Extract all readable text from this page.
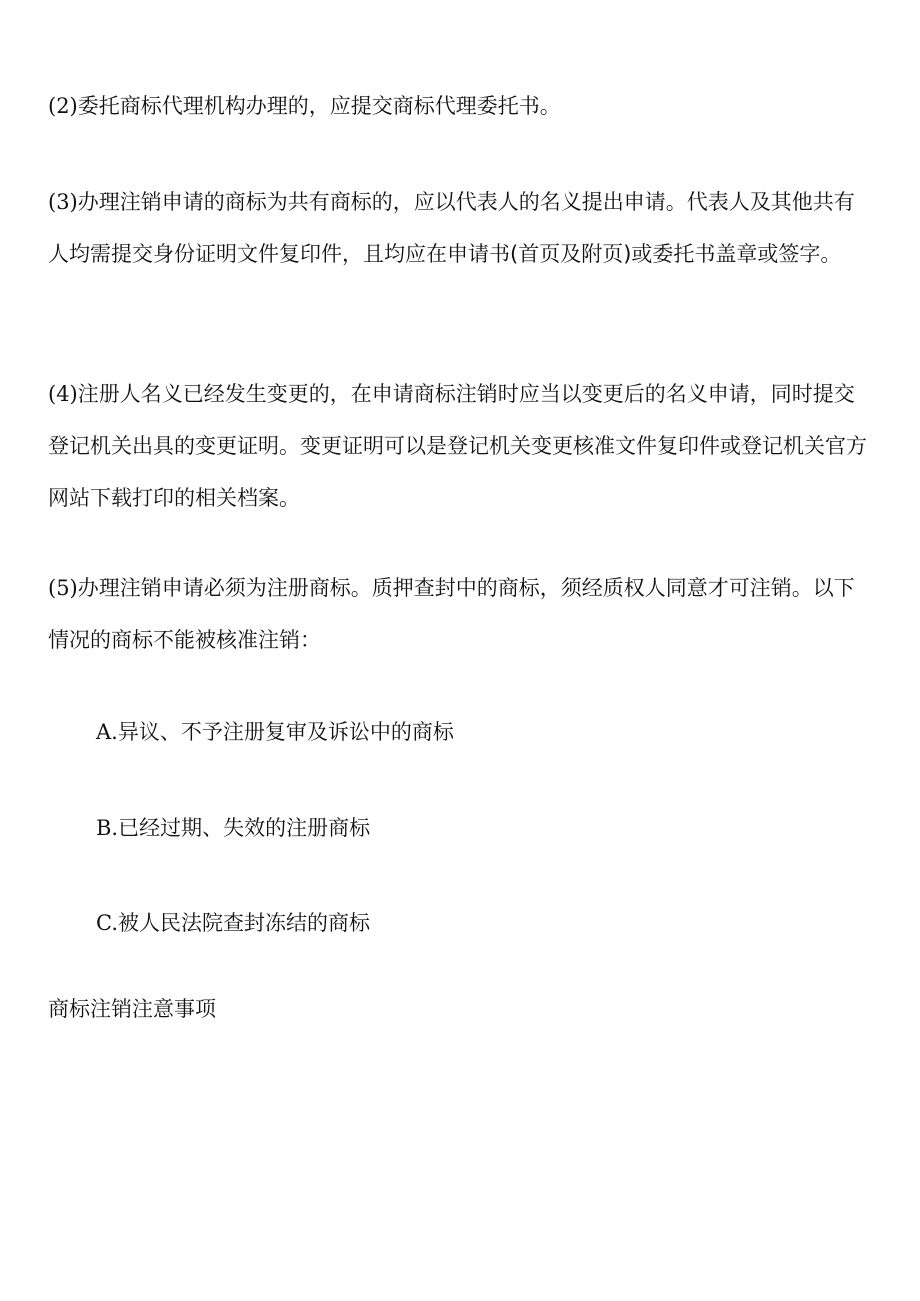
(2)委托商标代理机构办理的，应提交商标代理委托书。

(3)办理注销申请的商标为共有商标的，应以代表人的名义提出申请。代表人及其他共有人均需提交身份证明文件复印件，且均应在申请书(首页及附页)或委托书盖章或签字。

(4)注册人名义已经发生变更的，在申请商标注销时应当以变更后的名义申请，同时提交登记机关出具的变更证明。变更证明可以是登记机关变更核准文件复印件或登记机关官方网站下载打印的相关档案。

(5)办理注销申请必须为注册商标。质押查封中的商标，须经质权人同意才可注销。以下情况的商标不能被核准注销：

A.异议、不予注册复审及诉讼中的商标

B.已经过期、失效的注册商标

C.被人民法院查封冻结的商标

商标注销注意事项
